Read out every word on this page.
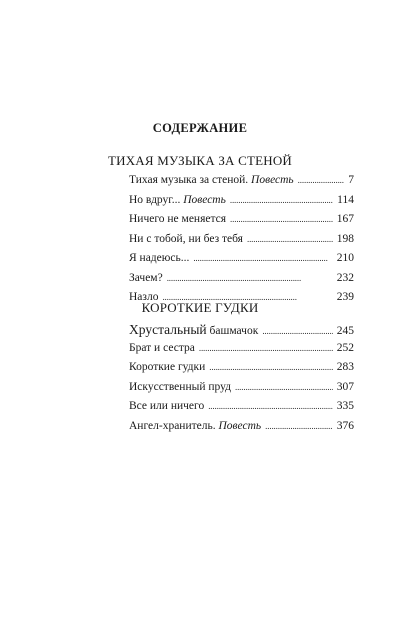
СОДЕРЖАНИЕ
ТИХАЯ МУЗЫКА ЗА СТЕНОЙ
Тихая музыка за стеной. Повесть . . .	7
Но вдруг... Повесть . . .	114
Ничего не меняется . . .	167
Ни с тобой, ни без тебя . . .	198
Я надеюсь... . . .	210
Зачем? . . .	232
Назло . . .	239
КОРОТКИЕ ГУДКИ
Хрустальный башмачок . . .	245
Брат и сестра . . .	252
Короткие гудки . . .	283
Искусственный пруд . . .	307
Все или ничего . . .	335
Ангел-хранитель. Повесть . . .	376
